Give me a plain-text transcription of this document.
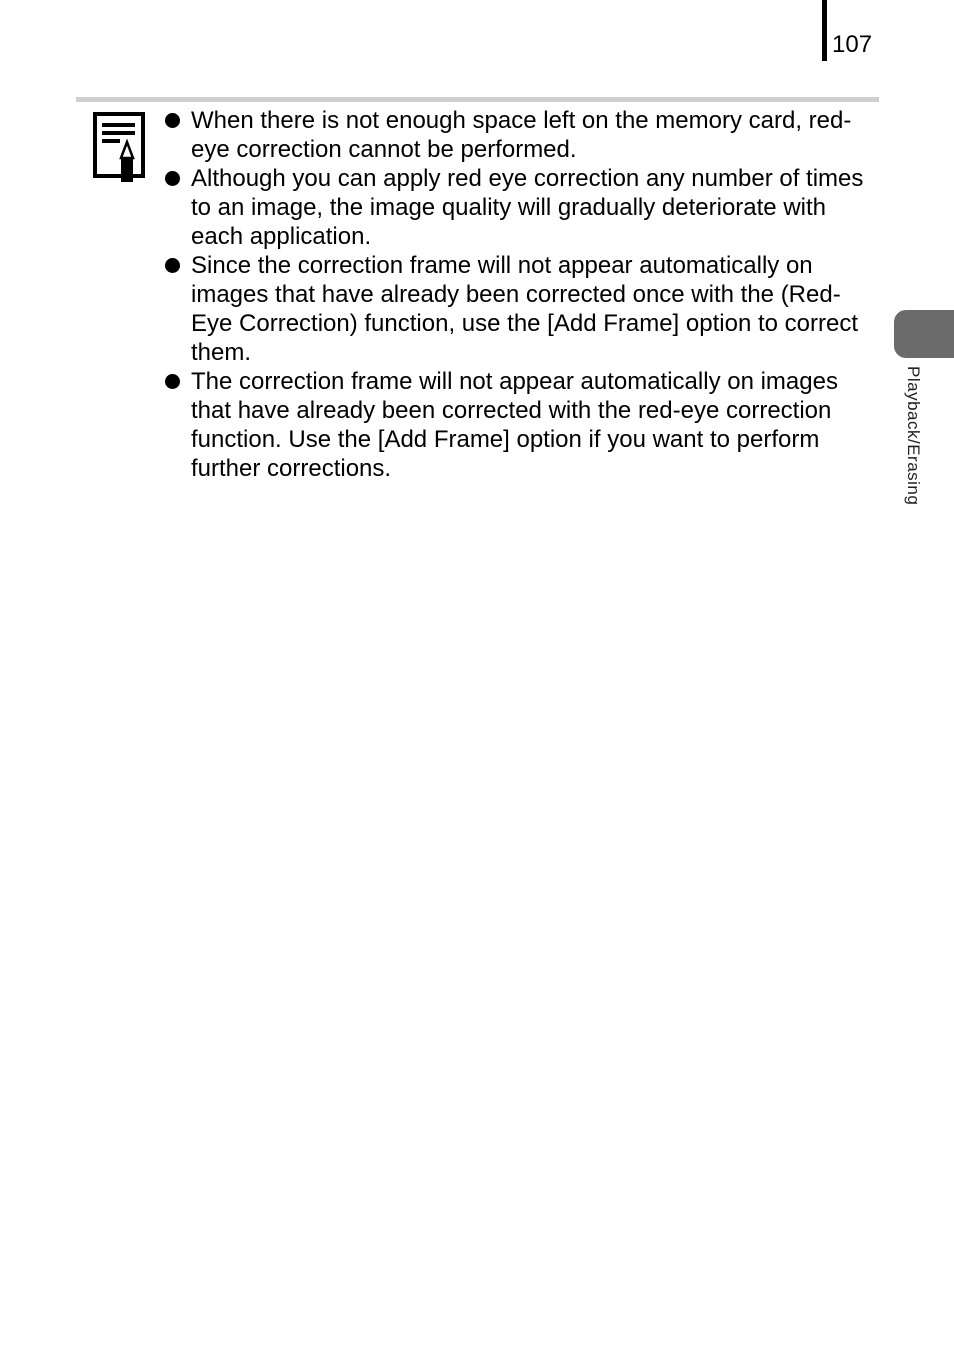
107
When there is not enough space left on the memory card, red-eye correction cannot be performed.
Although you can apply red eye correction any number of times to an image, the image quality will gradually deteriorate with each application.
Since the correction frame will not appear automatically on images that have already been corrected once with the (Red-Eye Correction) function, use the [Add Frame] option to correct them.
The correction frame will not appear automatically on images that have already been corrected with the red-eye correction function. Use the [Add Frame] option if you want to perform further corrections.	Playback/Erasing
